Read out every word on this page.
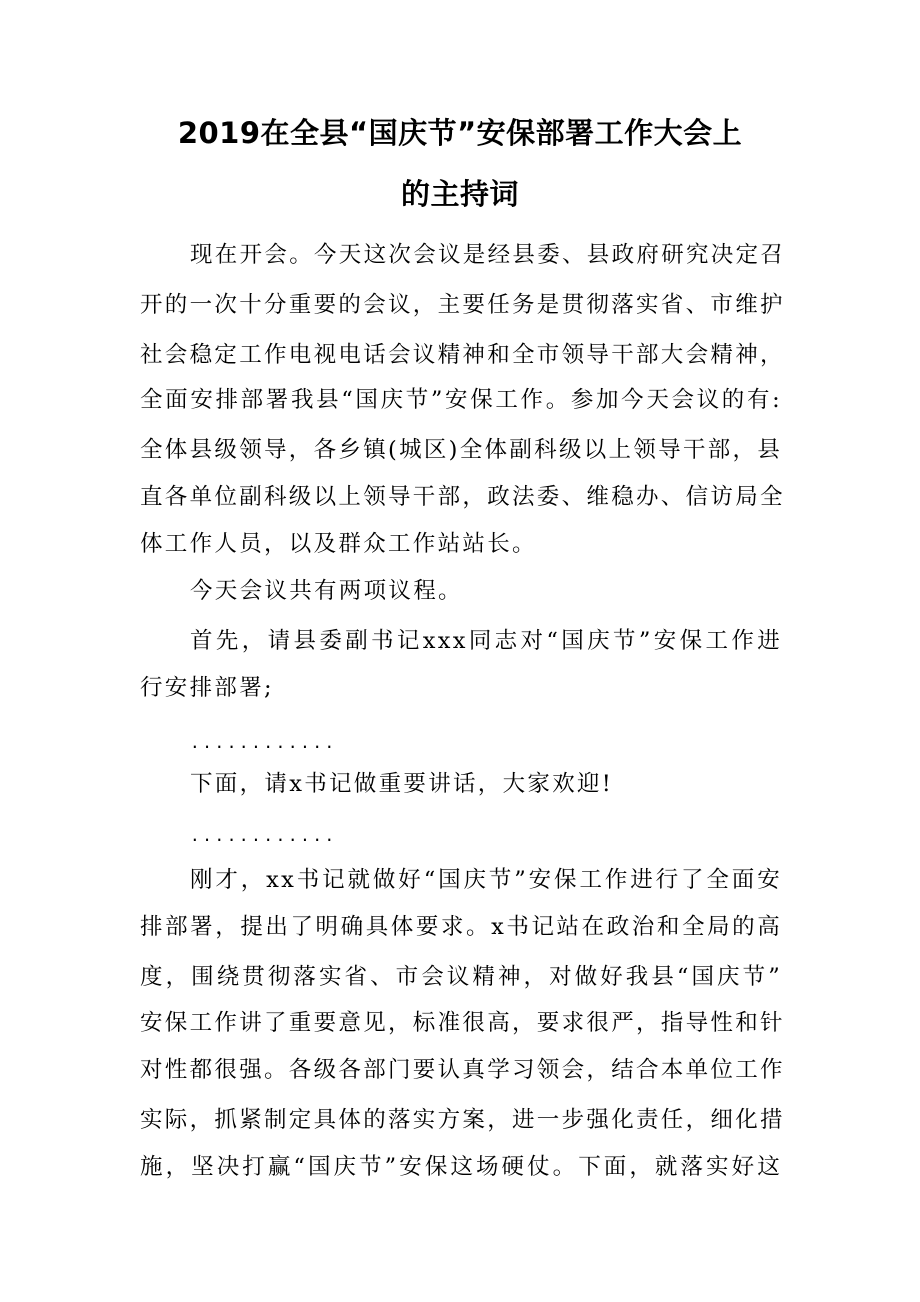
2019在全县“国庆节”安保部署工作大会上
的主持词
现在开会。今天这次会议是经县委、县政府研究决定召
开的一次十分重要的会议，主要任务是贯彻落实省、市维护
社会稳定工作电视电话会议精神和全市领导干部大会精神，
全面安排部署我县“国庆节”安保工作。参加今天会议的有:
全体县级领导，各乡镇(城区)全体副科级以上领导干部，县
直各单位副科级以上领导干部，政法委、维稳办、信访局全
体工作人员，以及群众工作站站长。
今天会议共有两项议程。
首先，请县委副书记xxx同志对“国庆节”安保工作进
行安排部署;
............
下面，请x书记做重要讲话，大家欢迎!
............
刚才，xx书记就做好“国庆节”安保工作进行了全面安
排部署，提出了明确具体要求。x书记站在政治和全局的高
度，围绕贯彻落实省、市会议精神，对做好我县“国庆节”
安保工作讲了重要意见，标准很高，要求很严，指导性和针
对性都很强。各级各部门要认真学习领会，结合本单位工作
实际，抓紧制定具体的落实方案，进一步强化责任，细化措
施，坚决打赢“国庆节”安保这场硬仗。下面，就落实好这
